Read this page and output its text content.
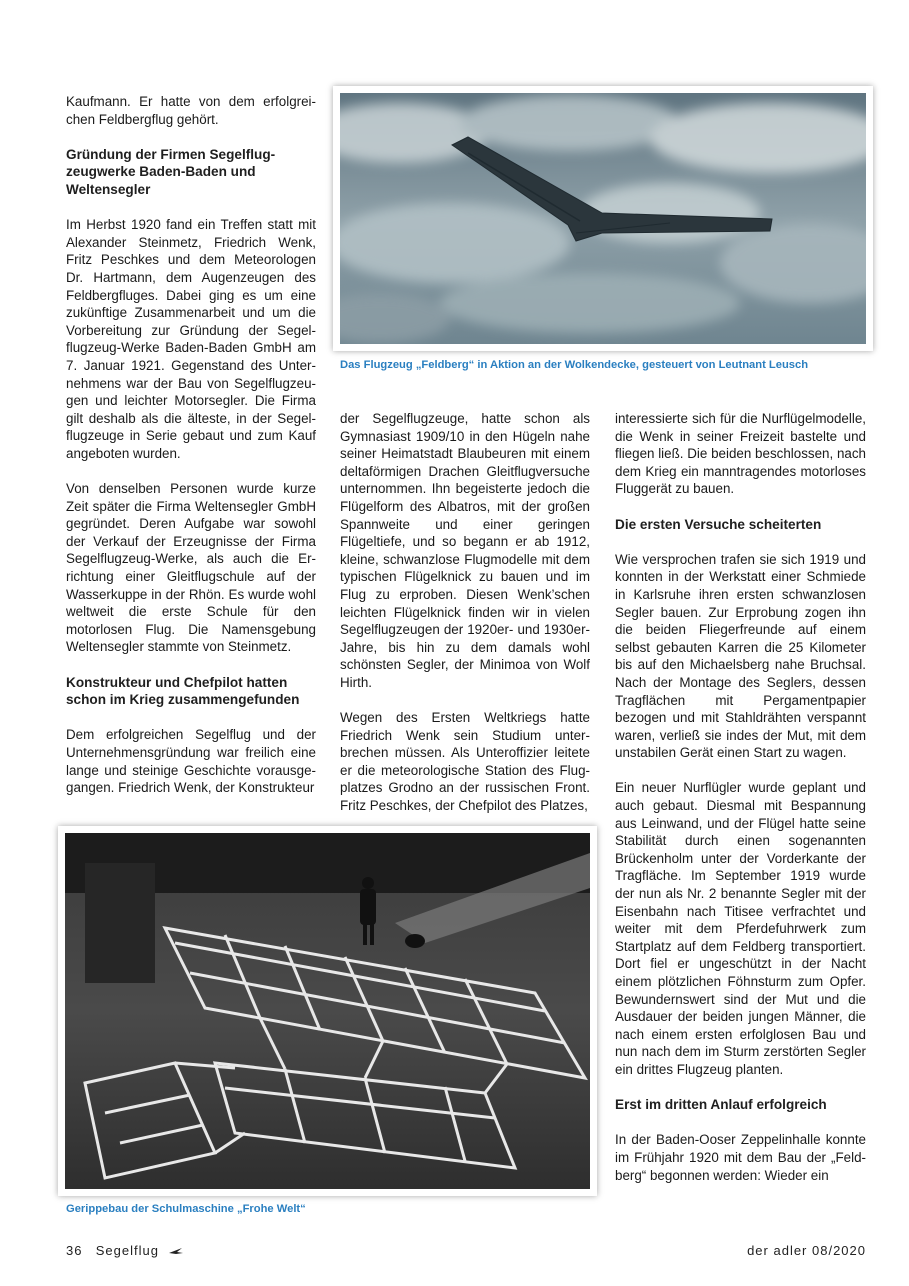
Kaufmann. Er hatte von dem erfolgreichen Feldbergflug gehört.

Gründung der Firmen Segelflugzeugwerke Baden-Baden und Weltensegler

Im Herbst 1920 fand ein Treffen statt mit Alexander Steinmetz, Friedrich Wenk, Fritz Peschkes und dem Meteorologen Dr. Hartmann, dem Augenzeugen des Feldbergfluges. Dabei ging es um eine zukünftige Zusammenarbeit und um die Vorbereitung zur Gründung der Segelflugzeug-Werke Baden-Baden GmbH am 7. Januar 1921. Gegenstand des Unternehmens war der Bau von Segelflugzeugen und leichter Motorsegler. Die Firma gilt deshalb als die älteste, in der Segelflugzeuge in Serie gebaut und zum Kauf angeboten wurden.

Von denselben Personen wurde kurze Zeit später die Firma Weltensegler GmbH gegründet. Deren Aufgabe war sowohl der Verkauf der Erzeugnisse der Firma Segelflugzeug-Werke, als auch die Errichtung einer Gleitflugschule auf der Wasserkuppe in der Rhön. Es wurde wohl weltweit die erste Schule für den motorlosen Flug. Die Namensgebung Weltensegler stammte von Steinmetz.

Konstrukteur und Chefpilot hatten schon im Krieg zusammengefunden

Dem erfolgreichen Segelflug und der Unternehmensgründung war freilich eine lange und steinige Geschichte vorausgegangen. Friedrich Wenk, der Konstrukteur

Das Flugzeug „Feldberg“ in Aktion an der Wolkendecke, gesteuert von Leutnant Leusch

der Segelflugzeuge, hatte schon als Gymnasiast 1909/10 in den Hügeln nahe seiner Heimatstadt Blaubeuren mit einem deltaförmigen Drachen Gleitflugversuche unternommen. Ihn begeisterte jedoch die Flügelform des Albatros, mit der großen Spannweite und einer geringen Flügeltiefe, und so begann er ab 1912, kleine, schwanzlose Flugmodelle mit dem typischen Flügelknick zu bauen und im Flug zu erproben. Diesen Wenk’schen leichten Flügelknick finden wir in vielen Segelflugzeugen der 1920er- und 1930er-Jahre, bis hin zu dem damals wohl schönsten Segler, der Minimoa von Wolf Hirth.

Wegen des Ersten Weltkriegs hatte Friedrich Wenk sein Studium unterbrechen müssen. Als Unteroffizier leitete er die meteorologische Station des Flugplatzes Grodno an der russischen Front. Fritz Peschkes, der Chefpilot des Platzes,

interessierte sich für die Nurflügelmodelle, die Wenk in seiner Freizeit bastelte und fliegen ließ. Die beiden beschlossen, nach dem Krieg ein manntragendes motorloses Fluggerät zu bauen.

Die ersten Versuche scheiterten

Wie versprochen trafen sie sich 1919 und konnten in der Werkstatt einer Schmiede in Karlsruhe ihren ersten schwanzlosen Segler bauen. Zur Erprobung zogen ihn die beiden Fliegerfreunde auf einem selbst gebauten Karren die 25 Kilometer bis auf den Michaelsberg nahe Bruchsal. Nach der Montage des Seglers, dessen Tragflächen mit Pergamentpapier bezogen und mit Stahldrähten verspannt waren, verließ sie indes der Mut, mit dem unstabilen Gerät einen Start zu wagen.

Ein neuer Nurflügler wurde geplant und auch gebaut. Diesmal mit Bespannung aus Leinwand, und der Flügel hatte seine Stabilität durch einen sogenannten Brückenholm unter der Vorderkante der Tragfläche. Im September 1919 wurde der nun als Nr. 2 benannte Segler mit der Eisenbahn nach Titisee verfrachtet und weiter mit dem Pferdefuhrwerk zum Startplatz auf dem Feldberg transportiert. Dort fiel er ungeschützt in der Nacht einem plötzlichen Föhnsturm zum Opfer. Bewundernswert sind der Mut und die Ausdauer der beiden jungen Männer, die nach einem ersten erfolglosen Bau und nun nach dem im Sturm zerstörten Segler ein drittes Flugzeug planten.

Erst im dritten Anlauf erfolgreich

In der Baden-Ooser Zeppelinhalle konnte im Frühjahr 1920 mit dem Bau der „Feldberg“ begonnen werden: Wieder ein

Gerippebau der Schulmaschine „Frohe Welt“
36 Segelflug	der adler 08/2020
